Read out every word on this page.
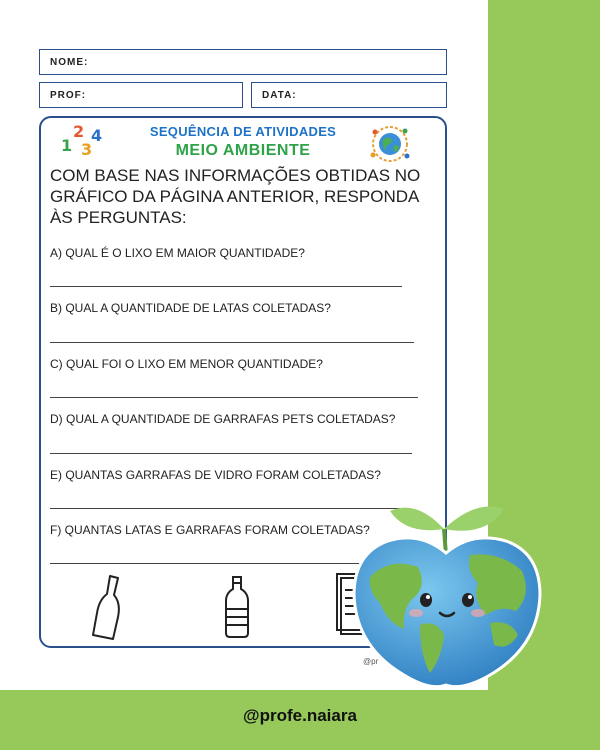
@profe.naiara
NOME:
PROF:	DATA:
1
2
3
4	SEQUÊNCIA DE ATIVIDADES
MEIO AMBIENTE
COM BASE NAS INFORMAÇÕES OBTIDAS NO GRÁFICO DA PÁGINA ANTERIOR, RESPONDA ÀS PERGUNTAS:
A) QUAL É O LIXO EM MAIOR QUANTIDADE?
B) QUAL A QUANTIDADE DE LATAS COLETADAS?
C) QUAL FOI O LIXO EM MENOR QUANTIDADE?
D) QUAL A QUANTIDADE DE GARRAFAS PETS COLETADAS?
E) QUANTAS GARRAFAS DE VIDRO FORAM COLETADAS?
F) QUANTAS LATAS E GARRAFAS FORAM COLETADAS?
@pr
